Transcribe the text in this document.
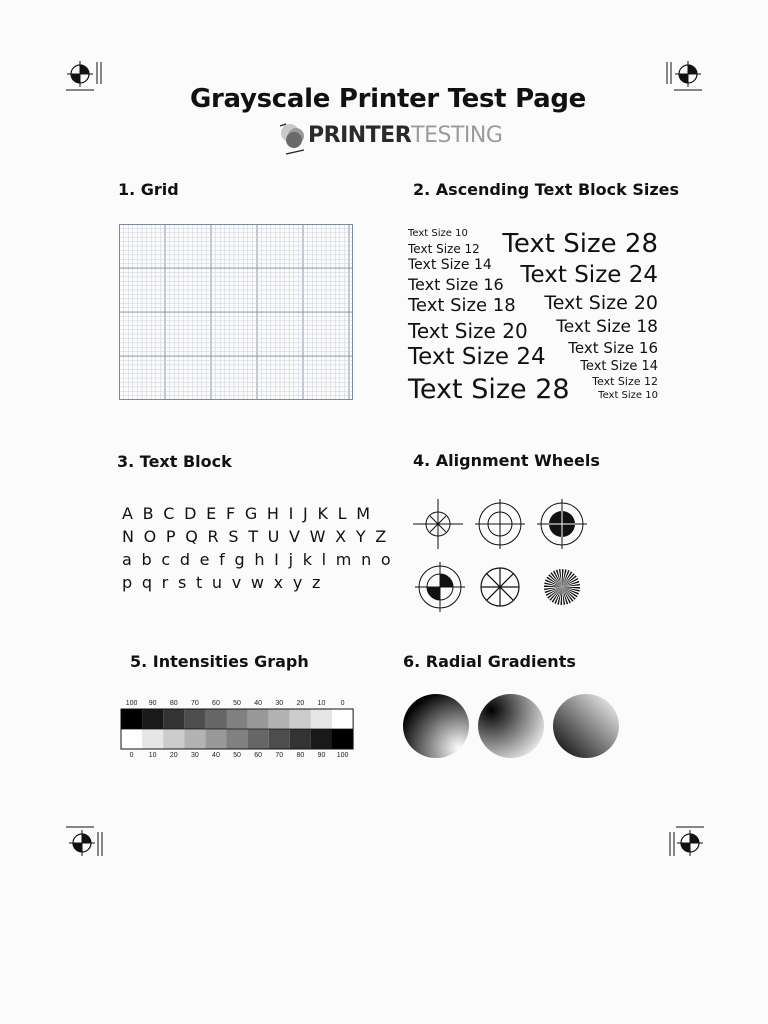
Grayscale Printer Test Page
PRINTERTESTING
1. Grid	2. Ascending Text Block Sizes
3. Text Block	4. Alignment Wheels
5. Intensities Graph	6. Radial Gradients
Text Size 10
Text Size 12
Text Size 14
Text Size 16
Text Size 18
Text Size 20
Text Size 24
Text Size 28
Text Size 28
Text Size 24
Text Size 20
Text Size 18
Text Size 16
Text Size 14
Text Size 12
Text Size 10
A B C D E F G H I J K L M
N O P Q R S T U V W X Y Z
a b c d e f g h I j k l m n o
p q r s t u v w x y z
100
0
90
10
80
20
70
30
60
40
50
50
40
60
30
70
20
80
10
90
0
100
